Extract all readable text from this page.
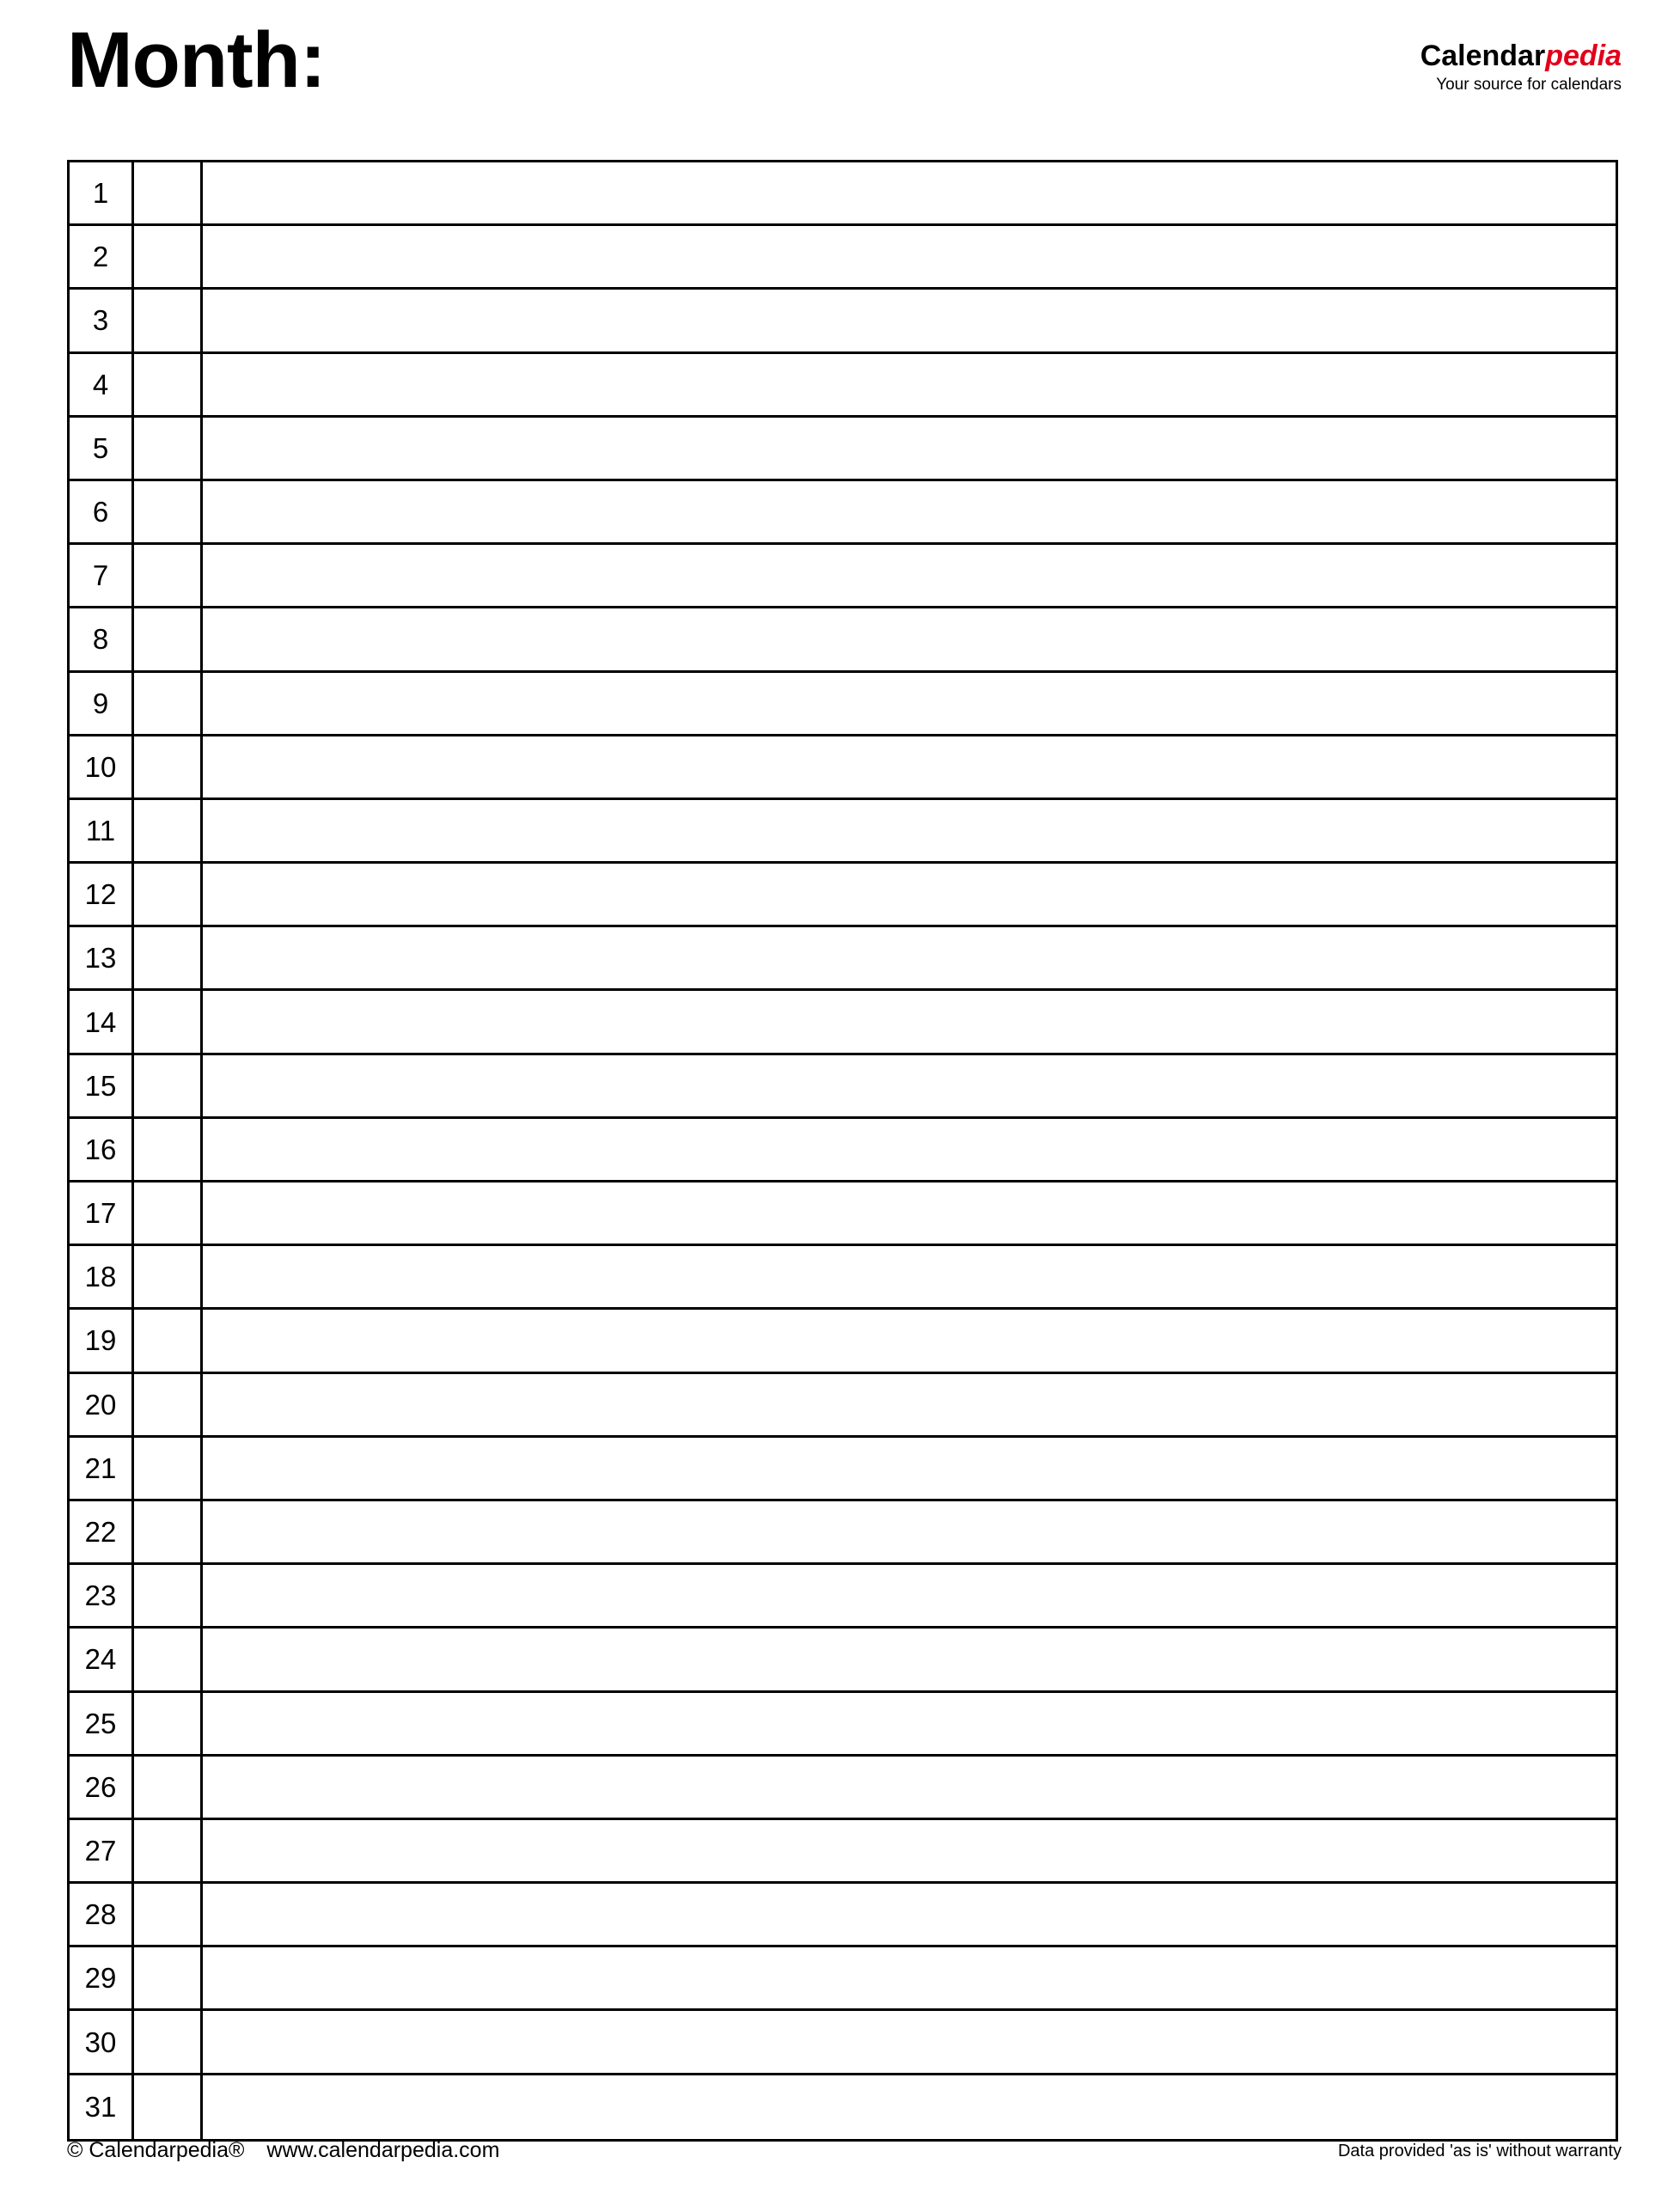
Month:	Calendarpedia
Your source for calendars
1
2
3
4
5
6
7
8
9
10
11
12
13
14
15
16
17
18
19
20
21
22
23
24
25
26
27
28
29
30
31
© Calendarpedia® www.calendarpedia.com	Data provided 'as is' without warranty
